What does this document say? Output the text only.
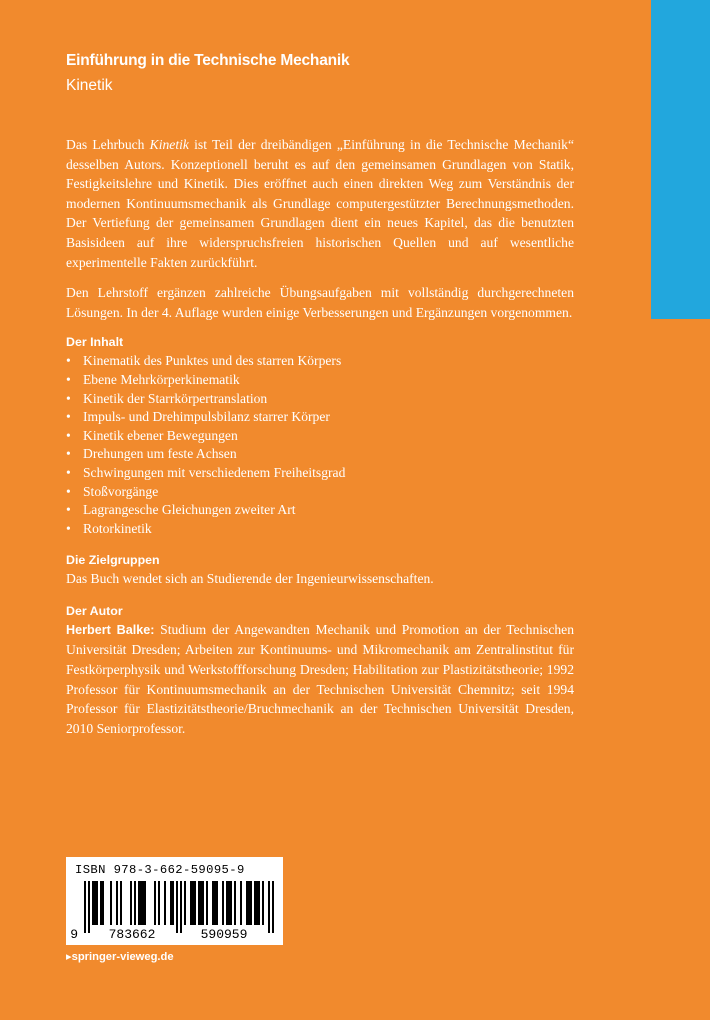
Einführung in die Technische Mechanik
Kinetik

Das Lehrbuch Kinetik ist Teil der dreibändigen „Einführung in die Technische Mechanik“ desselben Autors. Konzeptionell beruht es auf den gemeinsamen Grundlagen von Statik, Festigkeitslehre und Kinetik. Dies eröffnet auch einen direkten Weg zum Verständnis der modernen Kontinuumsmechanik als Grundlage computergestützter Berechnungsmethoden. Der Vertiefung der gemeinsamen Grundlagen dient ein neues Kapitel, das die benutzten Basisideen auf ihre widerspruchsfreien historischen Quellen und auf wesentliche experimentelle Fakten zurückführt.

Den Lehrstoff ergänzen zahlreiche Übungsaufgaben mit vollständig durchgerechneten Lösungen. In der 4. Auflage wurden einige Verbesserungen und Ergänzungen vorgenommen.

Der Inhalt
• Kinematik des Punktes und des starren Körpers
• Ebene Mehrkörperkinematik
• Kinetik der Starrkörpertranslation
• Impuls- und Drehimpulsbilanz starrer Körper
• Kinetik ebener Bewegungen
• Drehungen um feste Achsen
• Schwingungen mit verschiedenem Freiheitsgrad
• Stoßvorgänge
• Lagrangesche Gleichungen zweiter Art
• Rotorkinetik
Die Zielgruppen

Das Buch wendet sich an Studierende der Ingenieurwissenschaften.

Der Autor

Herbert Balke: Studium der Angewandten Mechanik und Promotion an der Technischen Universität Dresden; Arbeiten zur Kontinuums- und Mikromechanik am Zentralinstitut für Festkörperphysik und Werkstoffforschung Dresden; Habilitation zur Plastizitätstheorie; 1992 Professor für Kontinuumsmechanik an der Technischen Universität Chemnitz; seit 1994 Professor für Elastizitätstheorie/Bruchmechanik an der Technischen Universität Dresden, 2010 Seniorprofessor.

ISBN 978-3-662-59095-9
9 783662	590959
▸springer-vieweg.de
